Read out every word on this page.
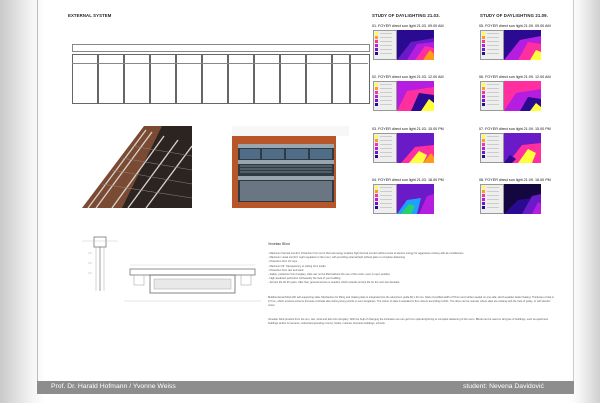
EXTERNAL SYSTEM	STUDY OF DAYLIGHTING 21.03.	STUDY OF DAYLIGHTING 21.09.
Venetian Blind
- Maximum thermal comfort: Protection from sun's thermal energy enables high thermal comfort without costs of electric energy for aggressive cooling with air-conditioners
- Maximum visual comfort: Light regulation in the room, with providing external light without glare or complete darkening
- Protection from UV rays
- Maximum fill: Transparency or ceiling from inside
- Protection from rain and wind
- Safety: protection from burglary, slats can not be lifted without the use of the motor, even in open position
- High aesthetic perfection will beautify the look of your building
- Service life 20-30 years. After that, general service is needed, which extends service life for the next two decades.
Multifunctional blind with self-supporting slats. Mechanism for lifting and rotating slats is integrated into the aluminium guide 60 x 30 mm. Slats of profiled width of 57mm and rubber-sealed on one side, which enables better fixating. Thickness of slat is 0,7mm, which ensures extreme firmness of shade also during strong winds or even burglaries. The colour of slats is standard in five colours according to RAL. The drive can be manual, where slats are rotating with the help of pulley, or with electric motor.
Venetian blind protects from the sun, rain, wind and also from burglary. With the help of changing the inclination we can get from optimal lightning to complete darkening of the room. Blinds can be used on all types of buildings, such as apartment buildings and/or its terraces, industrial (operating rooms), hotels, marinas, business buildings, schools.
01. FOYER direct sun light 21.03. 09.00 AM
02. FOYER direct sun light 21.03. 12.00 AM
03. FOYER direct sun light 21.03. 15.00 PM
04. FOYER direct sun light 21.03. 18.00 PM
05. FOYER direct sun light 21.09. 09.00 AM
06. FOYER direct sun light 21.09. 12.00 AM
07. FOYER direct sun light 21.09. 15.00 PM
08. FOYER direct sun light 21.09. 18.00 PM
Prof. Dr. Harald Hofmann / Yvonne Weiss	student: Nevena Davidović
